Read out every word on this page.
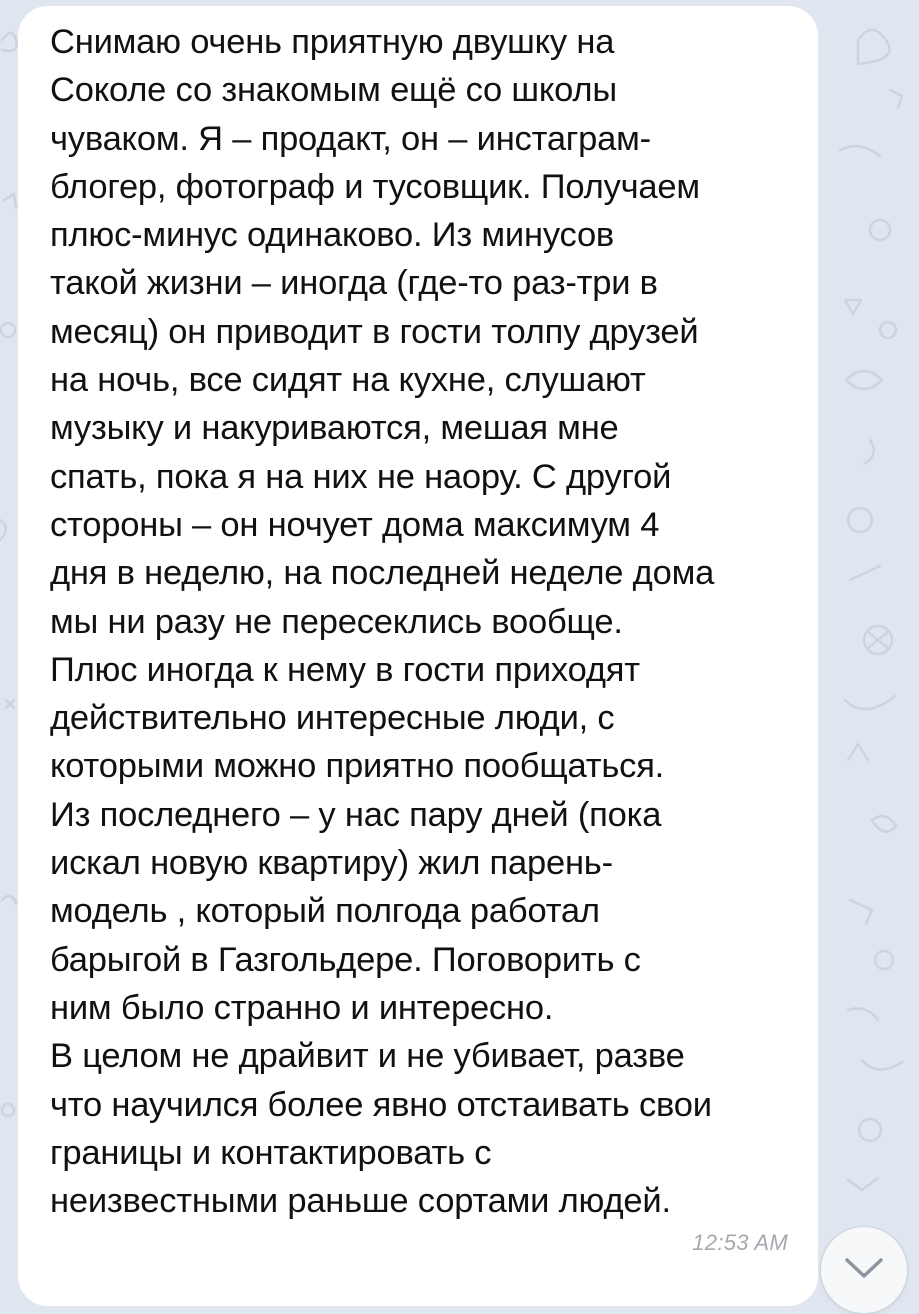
Снимаю очень приятную двушку на
Соколе со знакомым ещё со школы
чуваком. Я – продакт, он – инстаграм-
блогер, фотограф и тусовщик. Получаем
плюс-минус одинаково. Из минусов
такой жизни – иногда (где-то раз-три в
месяц) он приводит в гости толпу друзей
на ночь, все сидят на кухне, слушают
музыку и накуриваются, мешая мне
спать, пока я на них не наору. С другой
стороны – он ночует дома максимум 4
дня в неделю, на последней неделе дома
мы ни разу не пересеклись вообще.
Плюс иногда к нему в гости приходят
действительно интересные люди, с
которыми можно приятно пообщаться.
Из последнего – у нас пару дней (пока
искал новую квартиру) жил парень-
модель , который полгода работал
барыгой в Газгольдере. Поговорить с
ним было странно и интересно.
В целом не драйвит и не убивает, разве
что научился более явно отстаивать свои
границы и контактировать с
неизвестными раньше сортами людей.

12:53 AM
